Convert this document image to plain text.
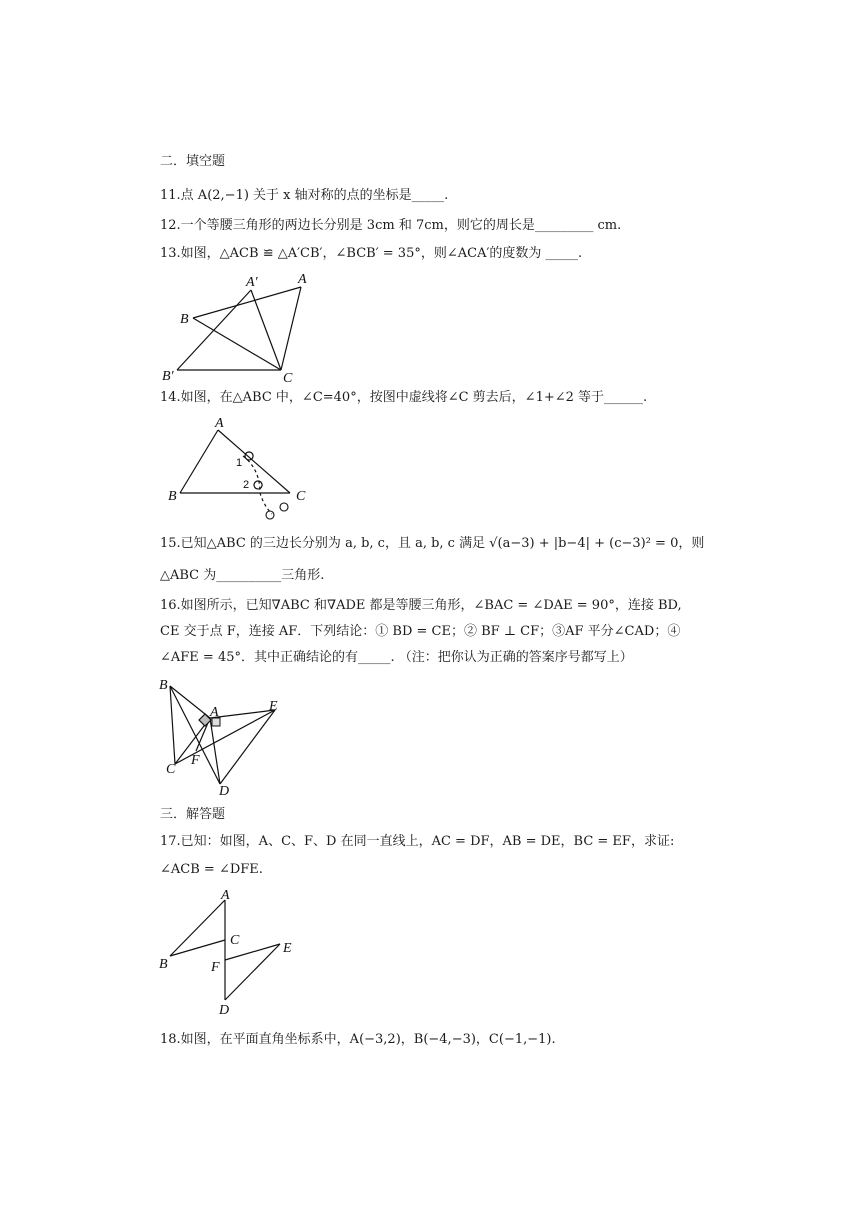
二．填空题
11.点 A(2,−1) 关于 x 轴对称的点的坐标是_____.
12.一个等腰三角形的两边长分别是 3cm 和 7cm，则它的周长是_________ cm.
13.如图，△ACB ≌ △A′CB′，∠BCB′ = 35°，则∠ACA′的度数为 _____.
A
A′
B
B′	C
14.如图，在△ABC 中，∠C=40°，按图中虚线将∠C 剪去后，∠1+∠2 等于______.
A
B	C
1
2
15.已知△ABC 的三边长分别为 a, b, c，且 a, b, c 满足 √(a−3) + |b−4| + (c−3)² = 0，则
△ABC 为__________三角形.
16.如图所示，已知∇ABC 和∇ADE 都是等腰三角形，∠BAC = ∠DAE = 90°，连接 BD,
CE 交于点 F，连接 AF．下列结论：① BD = CE；② BF ⊥ CF；③AF 平分∠CAD；④
∠AFE = 45°．其中正确结论的有_____. （注：把你认为正确的答案序号都写上）
B
A	E
C
F
D
三．解答题
17.已知：如图，A、C、F、D 在同一直线上，AC = DF，AB = DE，BC = EF，求证:
∠ACB = ∠DFE.
A
B
C
F
E
D
18.如图，在平面直角坐标系中，A(−3,2)，B(−4,−3)，C(−1,−1).
